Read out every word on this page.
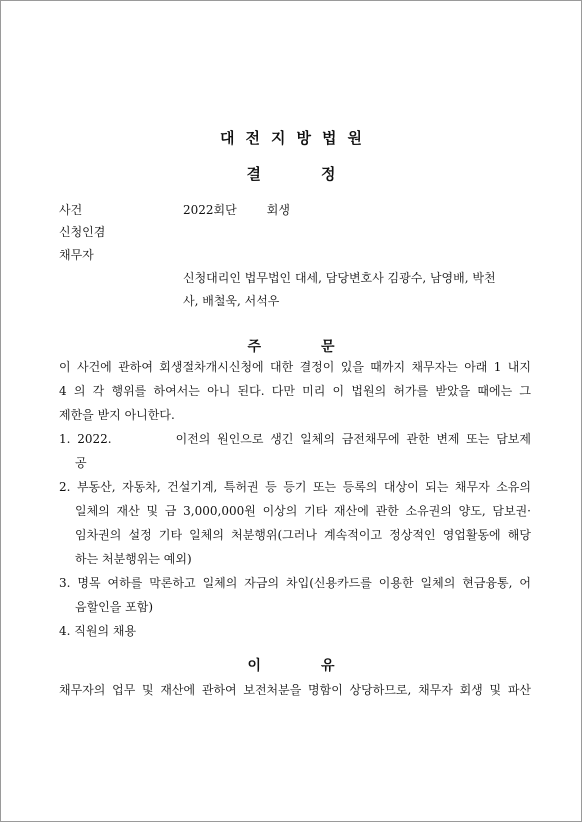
대전지방법원
결정
사건	2022회단	회생
신청인겸
채무자
신청대리인 법무법인 대세, 담당변호사 김광수, 남영배, 박천
사, 배철욱, 서석우
주문
이 사건에 관하여 회생절차개시신청에 대한 결정이 있을 때까지 채무자는 아래 1 내지
4 의 각 행위를 하여서는 아니 된다. 다만 미리 이 법원의 허가를 받았을 때에는 그
제한을 받지 아니한다.
1. 2022.	이전의 원인으로 생긴 일체의 금전채무에 관한 변제 또는 담보제
공
2. 부동산, 자동차, 건설기계, 특허권 등 등기 또는 등록의 대상이 되는 채무자 소유의
일체의 재산 및 금 3,000,000원 이상의 기타 재산에 관한 소유권의 양도, 담보권·
임차권의 설정 기타 일체의 처분행위(그러나 계속적이고 정상적인 영업활동에 해당
하는 처분행위는 예외)
3. 명목 여하를 막론하고 일체의 자금의 차입(신용카드를 이용한 일체의 현금융통, 어
음할인을 포함)
4. 직원의 채용
이유
채무자의 업무 및 재산에 관하여 보전처분을 명함이 상당하므로, 채무자 회생 및 파산
